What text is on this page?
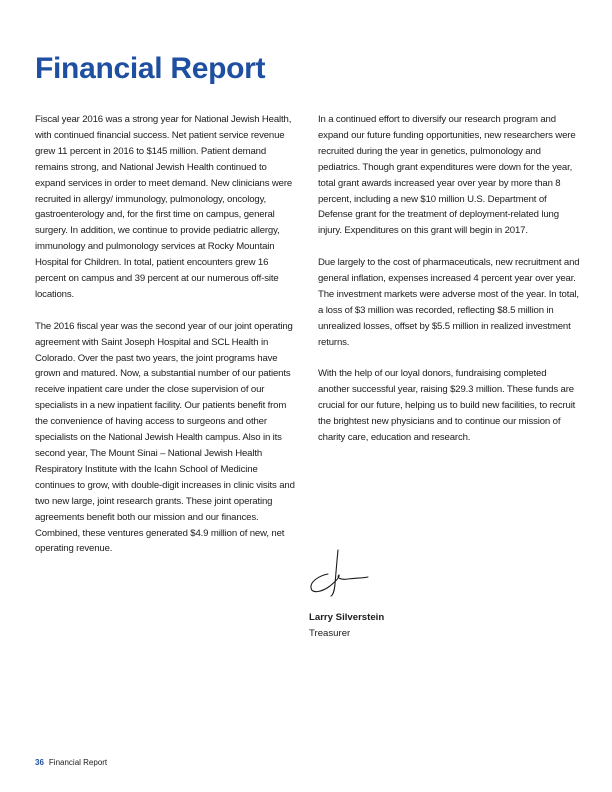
Financial Report

Fiscal year 2016 was a strong year for National Jewish Health, with continued financial success. Net patient service revenue grew 11 percent in 2016 to $145 million. Patient demand remains strong, and National Jewish Health continued to expand services in order to meet demand. New clinicians were recruited in allergy/ immunology, pulmonology, oncology, gastroenterology and, for the first time on campus, general surgery. In addition, we continue to provide pediatric allergy, immunology and pulmonology services at Rocky Mountain Hospital for Children. In total, patient encounters grew 16 percent on campus and 39 percent at our numerous off-site locations.

The 2016 fiscal year was the second year of our joint operating agreement with Saint Joseph Hospital and SCL Health in Colorado. Over the past two years, the joint programs have grown and matured. Now, a substantial number of our patients receive inpatient care under the close supervision of our specialists in a new inpatient facility. Our patients benefit from the convenience of having access to surgeons and other specialists on the National Jewish Health campus. Also in its second year, The Mount Sinai – National Jewish Health Respiratory Institute with the Icahn School of Medicine continues to grow, with double-digit increases in clinic visits and two new large, joint research grants. These joint operating agreements benefit both our mission and our finances. Combined, these ventures generated $4.9 million of new, net operating revenue.

In a continued effort to diversify our research program and expand our future funding opportunities, new researchers were recruited during the year in genetics, pulmonology and pediatrics. Though grant expenditures were down for the year, total grant awards increased year over year by more than 8 percent, including a new $10 million U.S. Department of Defense grant for the treatment of deployment-related lung injury. Expenditures on this grant will begin in 2017.

Due largely to the cost of pharmaceuticals, new recruitment and general inflation, expenses increased 4 percent year over year. The investment markets were adverse most of the year. In total, a loss of $3 million was recorded, reflecting $8.5 million in unrealized losses, offset by $5.5 million in realized investment returns.

With the help of our loyal donors, fundraising completed another successful year, raising $29.3 million. These funds are crucial for our future, helping us to build new facilities, to recruit the brightest new physicians and to continue our mission of charity care, education and research.

Larry Silverstein
Treasurer
36 Financial Report
